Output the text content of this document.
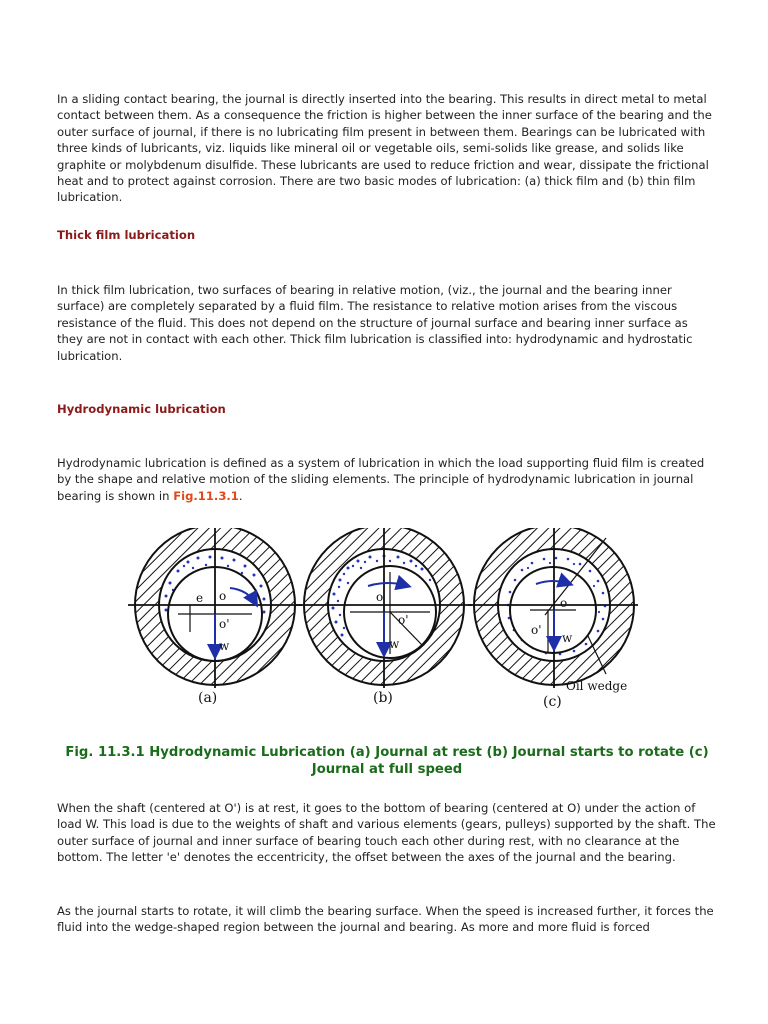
In a sliding contact bearing, the journal is directly inserted into the bearing. This results in direct metal to metal contact between them. As a consequence the friction is higher between the inner surface of the bearing and the outer surface of journal, if there is no lubricating film present in between them. Bearings can be lubricated with three kinds of lubricants, viz. liquids like mineral oil or vegetable oils, semi-solids like grease, and solids like graphite or molybdenum disulfide. These lubricants are used to reduce friction and wear, dissipate the frictional heat and to protect against corrosion. There are two basic modes of lubrication: (a) thick film and (b) thin film lubrication.

Thick film lubrication

In thick film lubrication, two surfaces of bearing in relative motion, (viz., the journal and the bearing inner surface) are completely separated by a fluid film. The resistance to relative motion arises from the viscous resistance of the fluid. This does not depend on the structure of journal surface and bearing inner surface as they are not in contact with each other. Thick film lubrication is classified into: hydrodynamic and hydrostatic lubrication.

Hydrodynamic lubrication

Hydrodynamic lubrication is defined as a system of lubrication in which the load supporting fluid film is created by the shape and relative motion of the sliding elements. The principle of hydrodynamic lubrication in journal bearing is shown in Fig.11.3.1.

e o
o'
w
(a)
o
o'
w
(b)
o
o'
w
Oil wedge
(c)
Fig. 11.3.1 Hydrodynamic Lubrication (a) Journal at rest (b) Journal starts to rotate (c) Journal at full speed

When the shaft (centered at O') is at rest, it goes to the bottom of bearing (centered at O) under the action of load W. This load is due to the weights of shaft and various elements (gears, pulleys) supported by the shaft. The outer surface of journal and inner surface of bearing touch each other during rest, with no clearance at the bottom. The letter 'e' denotes the eccentricity, the offset between the axes of the journal and the bearing.

As the journal starts to rotate, it will climb the bearing surface. When the speed is increased further, it forces the fluid into the wedge-shaped region between the journal and bearing. As more and more fluid is forced
